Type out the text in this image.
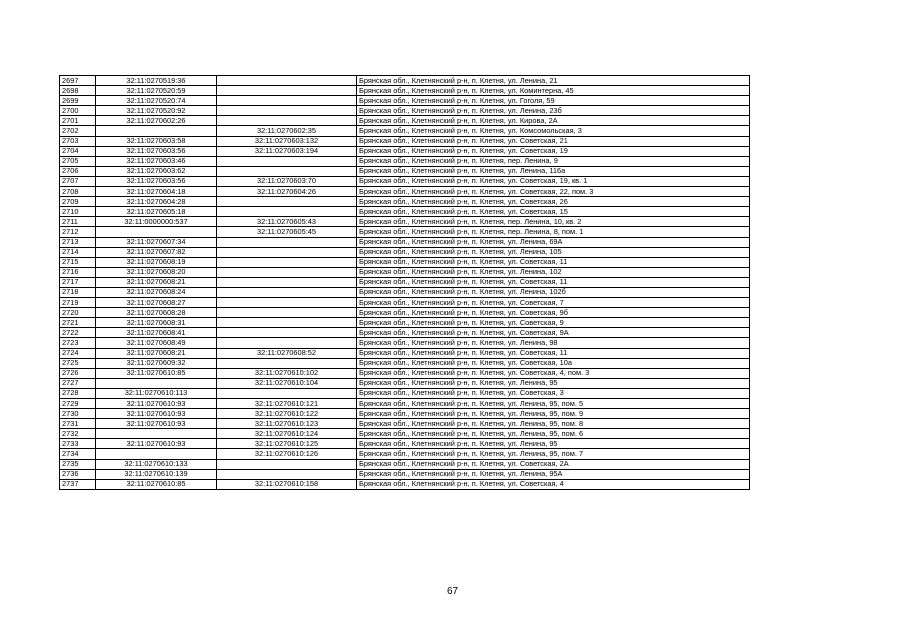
2697	32:11:0270519:36		Брянская обл., Клетнянский р-н, п. Клетня, ул. Ленина, 21
2698	32:11:0270520:59		Брянская обл., Клетнянский р-н, п. Клетня, ул. Коминтерна, 45
2699	32:11:0270520:74		Брянская обл., Клетнянский р-н, п. Клетня, ул. Гоголя, 59
2700	32:11:0270520:92		Брянская обл., Клетнянский р-н, п. Клетня, ул. Ленина, 23б
2701	32:11:0270602:26		Брянская обл., Клетнянский р-н, п. Клетня, ул. Кирова, 2А
2702		32:11:0270602:35	Брянская обл., Клетнянский р-н, п. Клетня, ул. Комсомольская, 3
2703	32:11:0270603:58	32:11:0270603:132	Брянская обл., Клетнянский р-н, п. Клетня, ул. Советская, 21
2704	32:11:0270603:56	32:11:0270603:194	Брянская обл., Клетнянский р-н, п. Клетня, ул. Советская, 19
2705	32:11:0270603:46		Брянская обл., Клетнянский р-н, п. Клетня, пер. Ленина, 9
2706	32:11:0270603:62		Брянская обл., Клетнянский р-н, п. Клетня, ул. Ленина, 116а
2707	32:11:0270603:56	32:11:0270603:70	Брянская обл., Клетнянский р-н, п. Клетня, ул. Советская, 19, кв. 1
2708	32:11:0270604:18	32:11:0270604:26	Брянская обл., Клетнянский р-н, п. Клетня, ул. Советская, 22, пом. 3
2709	32:11:0270604:28		Брянская обл., Клетнянский р-н, п. Клетня, ул. Советская, 26
2710	32:11:0270605:18		Брянская обл., Клетнянский р-н, п. Клетня, ул. Советская, 15
2711	32:11:0000000:537	32:11:0270605:43	Брянская обл., Клетнянский р-н, п. Клетня, пер. Ленина, 10, кв. 2
2712		32:11:0270605:45	Брянская обл., Клетнянский р-н, п. Клетня, пер. Ленина, 8, пом. 1
2713	32:11:0270607:34		Брянская обл., Клетнянский р-н, п. Клетня, ул. Ленина, 69А
2714	32:11:0270607:82		Брянская обл., Клетнянский р-н, п. Клетня, ул. Ленина, 105
2715	32:11:0270608:19		Брянская обл., Клетнянский р-н, п. Клетня, ул. Советская, 11
2716	32:11:0270608:20		Брянская обл., Клетнянский р-н, п. Клетня, ул. Ленина, 102
2717	32:11:0270608:21		Брянская обл., Клетнянский р-н, п. Клетня, ул. Советская, 11
2718	32:11:0270608:24		Брянская обл., Клетнянский р-н, п. Клетня, ул. Ленина, 102б
2719	32:11:0270608:27		Брянская обл., Клетнянский р-н, п. Клетня, ул. Советская, 7
2720	32:11:0270608:28		Брянская обл., Клетнянский р-н, п. Клетня, ул. Советская, 9б
2721	32:11:0270608:31		Брянская обл., Клетнянский р-н, п. Клетня, ул. Советская, 9
2722	32:11:0270608:41		Брянская обл., Клетнянский р-н, п. Клетня, ул. Советская, 9А
2723	32:11:0270608:49		Брянская обл., Клетнянский р-н, п. Клетня, ул. Ленина, 98
2724	32:11:0270608:21	32:11:0270608:52	Брянская обл., Клетнянский р-н, п. Клетня, ул. Советская, 11
2725	32:11:0270609:32		Брянская обл., Клетнянский р-н, п. Клетня, ул. Советская, 10а
2726	32:11:0270610:85	32:11:0270610:102	Брянская обл., Клетнянский р-н, п. Клетня, ул. Советская, 4, пом. 3
2727		32:11:0270610:104	Брянская обл., Клетнянский р-н, п. Клетня, ул. Ленина, 95
2728	32:11:0270610:113		Брянская обл., Клетнянский р-н, п. Клетня, ул. Советская, 3
2729	32:11:0270610:93	32:11:0270610:121	Брянская обл., Клетнянский р-н, п. Клетня, ул. Ленина, 95, пом. 5
2730	32:11:0270610:93	32:11:0270610:122	Брянская обл., Клетнянский р-н, п. Клетня, ул. Ленина, 95, пом. 9
2731	32:11:0270610:93	32:11:0270610:123	Брянская обл., Клетнянский р-н, п. Клетня, ул. Ленина, 95, пом. 8
2732		32:11:0270610:124	Брянская обл., Клетнянский р-н, п. Клетня, ул. Ленина, 95, пом. 6
2733	32:11:0270610:93	32:11:0270610:125	Брянская обл., Клетнянский р-н, п. Клетня, ул. Ленина, 95
2734		32:11:0270610:126	Брянская обл., Клетнянский р-н, п. Клетня, ул. Ленина, 95, пом. 7
2735	32:11:0270610:133		Брянская обл., Клетнянский р-н, п. Клетня, ул. Советская, 2А
2736	32:11:0270610:139		Брянская обл., Клетнянский р-н, п. Клетня, ул. Ленина, 95А
2737	32:11:0270610:85	32:11:0270610:158	Брянская обл., Клетнянский р-н, п. Клетня, ул. Советская, 4
67
